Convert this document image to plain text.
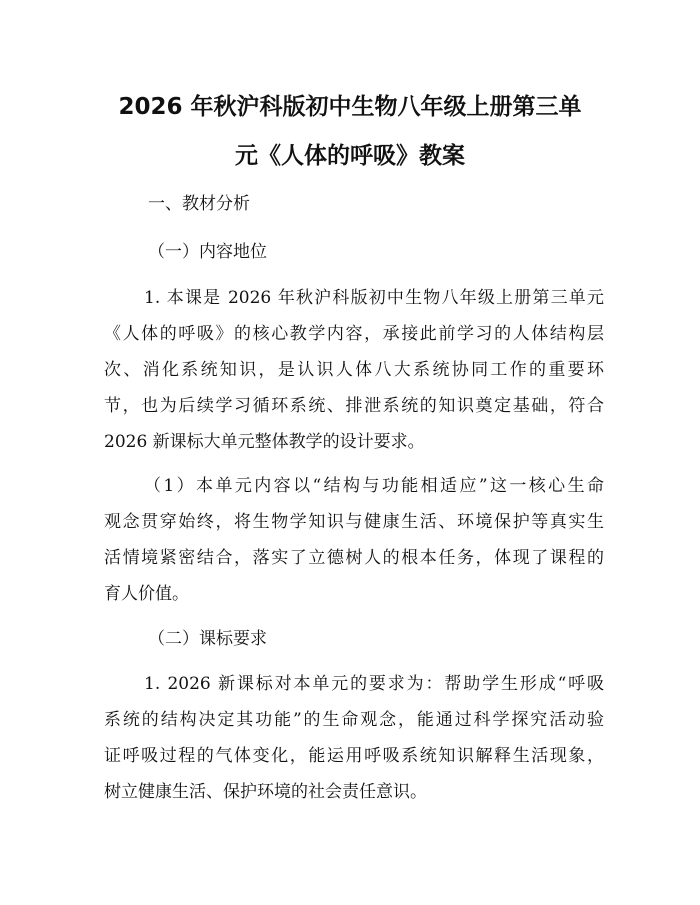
2026 年秋沪科版初中生物八年级上册第三单
元《人体的呼吸》教案

一、教材分析

（一）内容地位

1. 本课是 2026 年秋沪科版初中生物八年级上册第三单元
《人体的呼吸》的核心教学内容，承接此前学习的人体结构层
次、消化系统知识，是认识人体八大系统协同工作的重要环
节，也为后续学习循环系统、排泄系统的知识奠定基础，符合
2026 新课标大单元整体教学的设计要求。
（1）本单元内容以“结构与功能相适应”这一核心生命
观念贯穿始终，将生物学知识与健康生活、环境保护等真实生
活情境紧密结合，落实了立德树人的根本任务，体现了课程的
育人价值。

（二）课标要求

1. 2026 新课标对本单元的要求为：帮助学生形成“呼吸
系统的结构决定其功能”的生命观念，能通过科学探究活动验
证呼吸过程的气体变化，能运用呼吸系统知识解释生活现象，
树立健康生活、保护环境的社会责任意识。
